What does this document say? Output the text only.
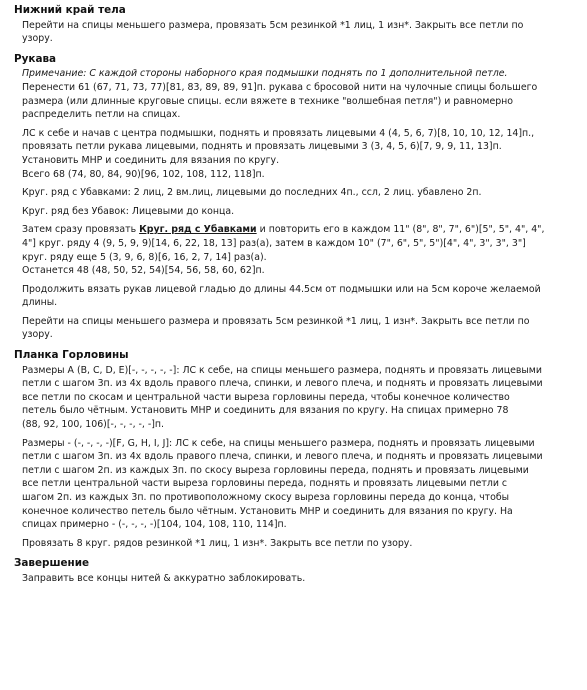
Нижний край тела

Перейти на спицы меньшего размера, провязать 5см резинкой *1 лиц, 1 изн*. Закрыть все петли по
узору.

Рукава

Примечание: С каждой стороны наборного края подмышки поднять по 1 дополнительной петле.

Перенести 61 (67, 71, 73, 77)[81, 83, 89, 89, 91]п. рукава с бросовой нити на чулочные спицы большего
размера (или длинные круговые спицы. если вяжете в технике "волшебная петля") и равномерно
распределить петли на спицах.

ЛС к себе и начав с центра подмышки, поднять и провязать лицевыми 4 (4, 5, 6, 7)[8, 10, 10, 12, 14]п.,
провязать петли рукава лицевыми, поднять и провязать лицевыми 3 (3, 4, 5, 6)[7, 9, 9, 11, 13]п.
Установить МНР и соединить для вязания по кругу.

Всего 68 (74, 80, 84, 90)[96, 102, 108, 112, 118]п.

Круг. ряд с Убавками: 2 лиц, 2 вм.лиц, лицевыми до последних 4п., ссл, 2 лиц. убавлено 2п.

Круг. ряд без Убавок: Лицевыми до конца.

Затем сразу провязать Круг. ряд с Убавками и повторить его в каждом 11" (8", 8", 7", 6")[5", 5", 4", 4",

4"] круг. ряду 4 (9, 5, 9, 9)[14, 6, 22, 18, 13] раз(а), затем в каждом 10" (7", 6", 5", 5")[4", 4", 3", 3", 3"]
круг. ряду еще 5 (3, 9, 6, 8)[6, 16, 2, 7, 14] раз(а).

Останется 48 (48, 50, 52, 54)[54, 56, 58, 60, 62]п.

Продолжить вязать рукав лицевой гладью до длины 44.5см от подмышки или на 5см короче желаемой
длины.

Перейти на спицы меньшего размера и провязать 5см резинкой *1 лиц, 1 изн*. Закрыть все петли по
узору.

Планка Горловины

Размеры A (B, C, D, E)[-, -, -, -, -]: ЛС к себе, на спицы меньшего размера, поднять и провязать лицевыми
петли с шагом 3п. из 4х вдоль правого плеча, спинки, и левого плеча, и поднять и провязать лицевыми
все петли по скосам и центральной части выреза горловины переда, чтобы конечное количество
петель было чётным. Установить МНР и соединить для вязания по кругу. На спицах примерно 78
(88, 92, 100, 106)[-, -, -, -, -]п.

Размеры - (-, -, -, -)[F, G, H, I, J]: ЛС к себе, на спицы меньшего размера, поднять и провязать лицевыми
петли с шагом 3п. из 4х вдоль правого плеча, спинки, и левого плеча, и поднять и провязать лицевыми
петли с шагом 2п. из каждых 3п. по скосу выреза горловины переда, поднять и провязать лицевыми
все петли центральной части выреза горловины переда, поднять и провязать лицевыми петли с
шагом 2п. из каждых 3п. по противоположному скосу выреза горловины переда до конца, чтобы
конечное количество петель было чётным. Установить МНР и соединить для вязания по кругу. На
спицах примерно - (-, -, -, -)[104, 104, 108, 110, 114]п.

Провязать 8 круг. рядов резинкой *1 лиц, 1 изн*. Закрыть все петли по узору.

Завершение

Заправить все концы нитей & аккуратно заблокировать.
